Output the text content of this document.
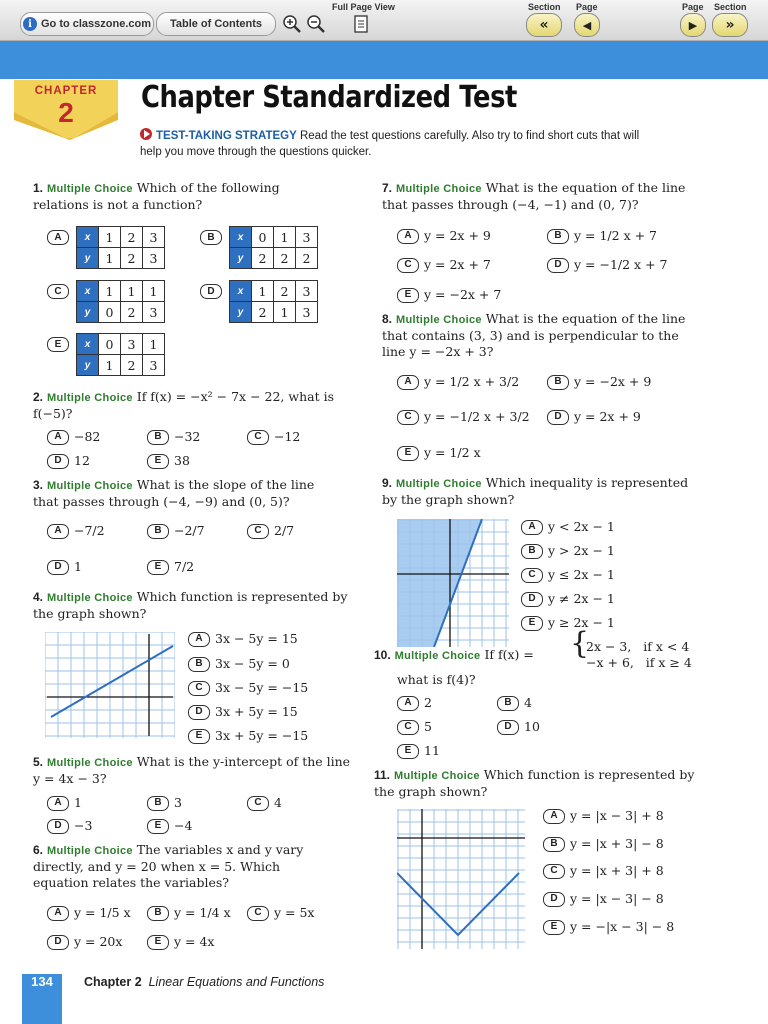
i Go to classzone.com Table of Contents
Full Page View	Section Page
«	◀
Page Section
▶ »
CHAPTER
2	Chapter Standardized Test
TEST-TAKING STRATEGY Read the test questions carefully. Also try to find short cuts that will help you move through the questions quicker.
1. Multiple Choice Which of the following relations is not a function?
A	x	1	2	3
y	1	2	3
B	x	0	1	3
y	2	2	2
C	x	1	1	1
y	0	2	3
D	x	1	2	3
y	2	1	3
E	x	0	3	1
y	1	2	3
2. Multiple Choice If f(x) = −x² − 7x − 22, what is f(−5)?
A −82	B −32	C −12
D 12	E	38
3. Multiple Choice What is the slope of the line that passes through (−4, −9) and (0, 5)?
A −7/2	B −2/7	C 2/7
D 1	E	7/2
4. Multiple Choice Which function is represented by the graph shown?
A 3x − 5y = 15
B 3x − 5y = 0
C 3x − 5y = −15
D 3x + 5y = 15
E	3x + 5y = −15
5. Multiple Choice What is the y-intercept of the line y = 4x − 3?
A 1	B 3	C 4
D −3	E	−4
6. Multiple Choice The variables x and y vary directly, and y = 20 when x = 5. Which equation relates the variables?
A y = 1/5 x	B y = 1/4 x	C y = 5x
D y = 20x	E	y = 4x
7. Multiple Choice What is the equation of the line that passes through (−4, −1) and (0, 7)?
A y = 2x + 9	B y = 1/2 x + 7
C y = 2x + 7	D y = −1/2 x + 7
E	y = −2x + 7
8. Multiple Choice What is the equation of the line that contains (3, 3) and is perpendicular to the line y = −2x + 3?
A y = 1/2 x + 3/2	B y = −2x + 9
C y = −1/2 x + 3/2	D y = 2x + 9
E	y = 1/2 x
9. Multiple Choice Which inequality is represented by the graph shown?
A y < 2x − 1
B y > 2x − 1
C y ≤ 2x − 1
D y ≠ 2x − 1
E	y ≥ 2x − 1
10. Multiple Choice If f(x) =	{
2x − 3,   if x < 4
−x + 6,   if x ≥ 4
what is f(4)?
A 2	B 4
C 5	D 10
E	11
11. Multiple Choice Which function is represented by the graph shown?
A y = |x − 3| + 8
B y = |x + 3| − 8
C y = |x + 3| + 8
D y = |x − 3| − 8
E	y = −|x − 3| − 8
134	Chapter 2 Linear Equations and Functions
